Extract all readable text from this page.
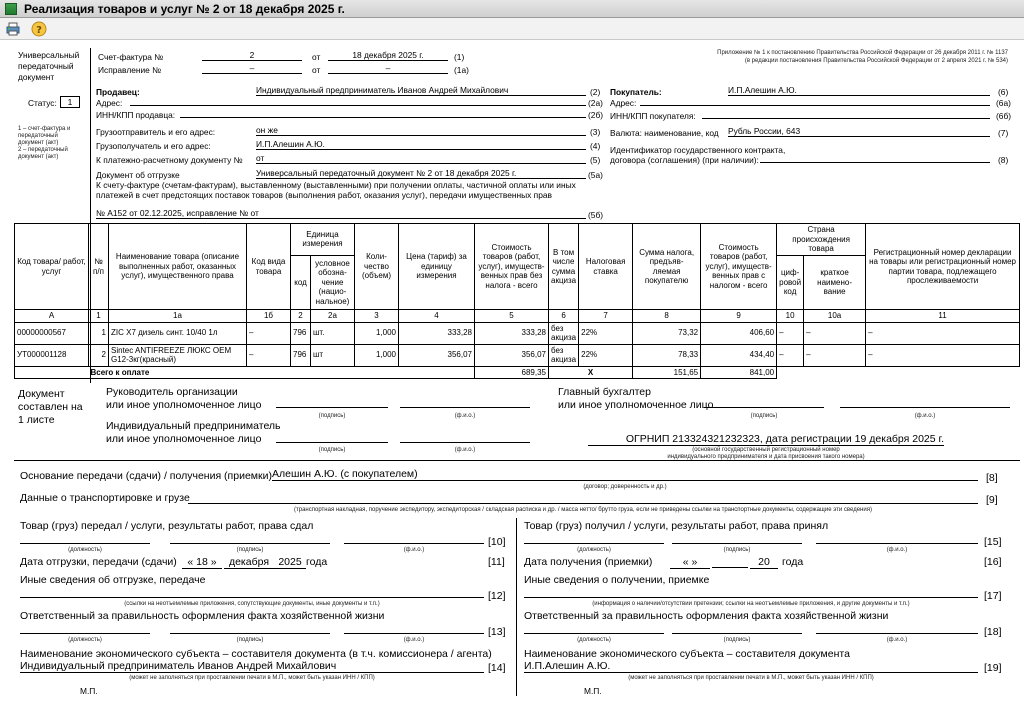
Реализация товаров и услуг № 2 от 18 декабря 2025 г.
?
Универсальный
передаточный
документ
Статус:	1
1 – счет-фактура и
передаточный
документ (акт)
2 – передаточный
документ (акт)
Счет-фактура №	2	от	18 декабря 2025 г.	(1)
Исправление №	–	от	–	(1а)
Приложение № 1 к постановлению Правительства Российской Федерации от 26 декабря 2011 г. № 1137
(в редакции постановления Правительства Российской Федерации от 2 апреля 2021 г. № 534)
Продавец:	Индивидуальный предприниматель Иванов Андрей Михайлович	(2)
Адрес:	(2а)
ИНН/КПП продавца:	(2б)
Грузоотправитель и его адрес:	он же	(3)
Грузополучатель и его адрес:	И.П.Алешин А.Ю.	(4)
К платежно-расчетному документу № от	(5)
Документ об отгрузке	Универсальный передаточный документ № 2 от 18 декабря 2025 г.	(5а)
К счету-фактуре (счетам-фактурам), выставленному (выставленными) при получении оплаты, частичной оплаты или иных
платежей в счет предстоящих поставок товаров (выполнения работ, оказания услуг), передачи имущественных прав
№ А152 от 02.12.2025, исправление № от	(5б)
Покупатель:	И.П.Алешин А.Ю.	(6)
Адрес:	(6а)
ИНН/КПП покупателя:	(6б)
Валюта: наименование, код Рубль России, 643	(7)
Идентификатор государственного контракта,
договора (соглашения) (при наличии):	(8)
Код товара/ работ, услуг	№ п/п	Наименование товара (описание выполненных работ, оказанных услуг), имущественного права	Код вида товара	Единица измерения		Коли- чество (объем)	Цена (тариф) за единицу измерения	Стоимость товаров (работ, услуг), имуществ- венных прав без налога - всего	В том числе сумма акциза	Налоговая ставка	Сумма налога, предъяв- ляемая покупателю	Стоимость товаров (работ, услуг), имуществ- венных прав с налогом - всего	Страна происхождения товара		Регистрационный номер декларации на товары или регистрационный номер партии товара, подлежащего прослеживаемости
				код	условное обозна- чение (нацио- нальное)								циф- ровой код	краткое наимено- вание	
А	1	1а	1б	2	2а	3	4	5	6	7	8	9	10	10а	11
00000000567	1	ZIC X7 дизель синт. 10/40 1л	–	796	шт.	1,000	333,28	333,28	без акциза	22%	73,32	406,60	–	–	–
УТ000001128	2	Sintec ANTIFREEZE ЛЮКС OEM G12-3кг(красный)	–	796	шт	1,000	356,07	356,07	без акциза	22%	78,33	434,40	–	–	–
	Всего к оплате							689,35	Х		151,65	841,00			
Документ
составлен на
1 листе
Руководитель организации
или иное уполномоченное лицо
(подпись)	(ф.и.о.)
Главный бухгалтер
или иное уполномоченное лицо
(подпись)	(ф.и.о.)
Индивидуальный предприниматель
или иное уполномоченное лицо
(подпись)	(ф.и.о.)
ОГРНИП 213324321232323, дата регистрации 19 декабря 2025 г.
(основной государственный регистрационный номер
индивидуального предпринимателя и дата присвоения такого номера)
Основание передачи (сдачи) / получения (приемки) Алешин А.Ю. (с покупателем)	[8]
(договор; доверенность и др.)
Данные о транспортировке и грузе	[9]
(транспортная накладная, поручение экспедитору, экспедиторская / складская расписка и др. / масса нетто/ брутто груза, если не приведены ссылки на транспортные документы, содержащие эти сведения)
Товар (груз) передал / услуги, результаты работ, права сдал
[10]
(должность)	(подпись)	(ф.и.о.)
Дата отгрузки, передачи (сдачи)	« 18 »	декабря 2025 года	[11]
Иные сведения об отгрузке, передаче
[12]
(ссылки на неотъемлемые приложения, сопутствующие документы, иные документы и т.п.)
Ответственный за правильность оформления факта хозяйственной жизни
[13]
(должность)	(подпись)	(ф.и.о.)
Наименование экономического субъекта – составителя документа (в т.ч. комиссионера / агента)
Индивидуальный предприниматель Иванов Андрей Михайлович	[14]
(может не заполняться при проставлении печати в М.П., может быть указан ИНН / КПП)
М.П.
Товар (груз) получил / услуги, результаты работ, права принял
[15]
(должность)	(подпись)	(ф.и.о.)
Дата получения (приемки)	« »	20	года	[16]
Иные сведения о получении, приемке
[17]
(информация о наличии/отсутствии претензии; ссылки на неотъемлемые приложения, и другие документы и т.п.)
Ответственный за правильность оформления факта хозяйственной жизни
[18]
(должность)	(подпись)	(ф.и.о.)
Наименование экономического субъекта – составителя документа
И.П.Алешин А.Ю.	[19]
(может не заполняться при проставлении печати в М.П., может быть указан ИНН / КПП)
М.П.
